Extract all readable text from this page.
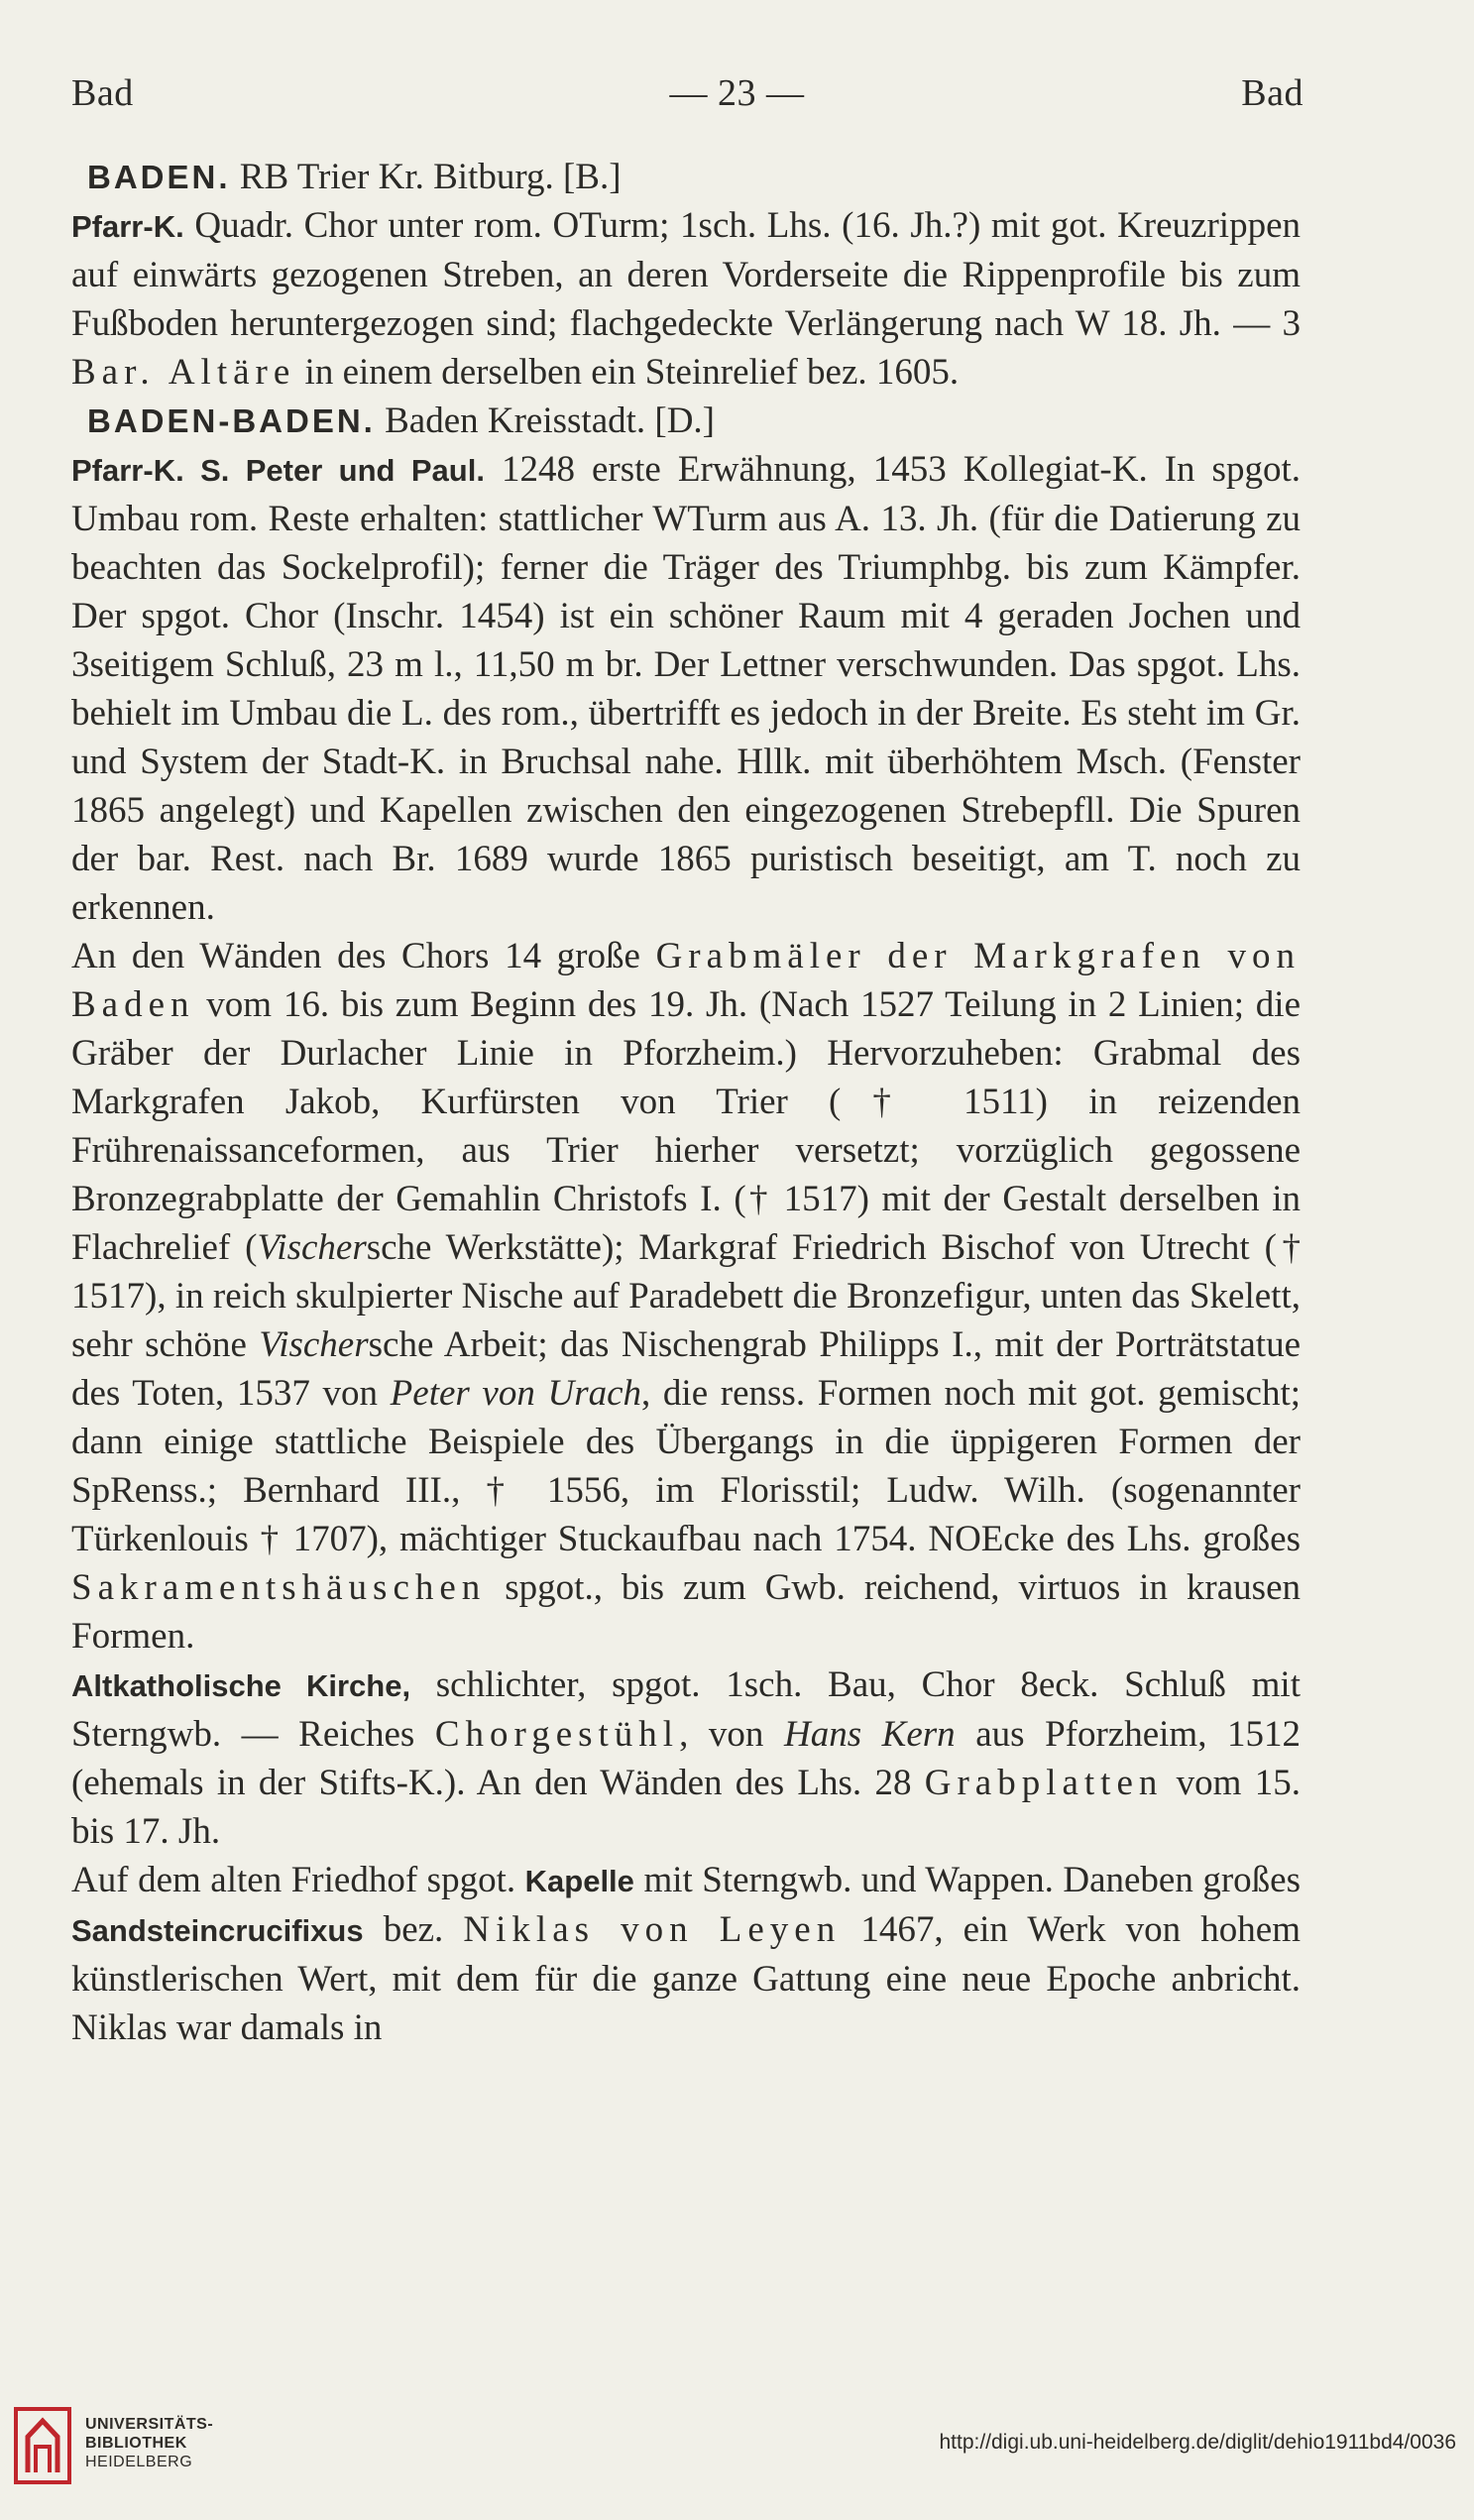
Bad	— 23 —	Bad

BADEN. RB Trier Kr. Bitburg. [B.]

Pfarr-K. Quadr. Chor unter rom. OTurm; 1sch. Lhs. (16. Jh.?) mit got. Kreuzrippen auf einwärts gezogenen Streben, an deren Vorderseite die Rippenprofile bis zum Fußboden heruntergezogen sind; flachgedeckte Verlängerung nach W 18. Jh. — 3 Bar. Altäre in einem derselben ein Steinrelief bez. 1605.

BADEN-BADEN. Baden Kreisstadt. [D.]

Pfarr-K. S. Peter und Paul. 1248 erste Erwähnung, 1453 Kollegiat-K. In spgot. Umbau rom. Reste erhalten: stattlicher WTurm aus A. 13. Jh. (für die Datierung zu beachten das Sockelprofil); ferner die Träger des Triumphbg. bis zum Kämpfer. Der spgot. Chor (Inschr. 1454) ist ein schöner Raum mit 4 geraden Jochen und 3seitigem Schluß, 23 m l., 11,50 m br. Der Lettner verschwunden. Das spgot. Lhs. behielt im Umbau die L. des rom., übertrifft es jedoch in der Breite. Es steht im Gr. und System der Stadt-K. in Bruchsal nahe. Hllk. mit überhöhtem Msch. (Fenster 1865 angelegt) und Kapellen zwischen den eingezogenen Strebepfll. Die Spuren der bar. Rest. nach Br. 1689 wurde 1865 puristisch beseitigt, am T. noch zu erkennen.

An den Wänden des Chors 14 große Grabmäler der Markgrafen von Baden vom 16. bis zum Beginn des 19. Jh. (Nach 1527 Teilung in 2 Linien; die Gräber der Durlacher Linie in Pforzheim.) Hervorzuheben: Grabmal des Markgrafen Jakob, Kurfürsten von Trier († 1511) in reizenden Frührenaissanceformen, aus Trier hierher versetzt; vorzüglich gegossene Bronzegrabplatte der Gemahlin Christofs I. († 1517) mit der Gestalt derselben in Flachrelief (Vischersche Werkstätte); Markgraf Friedrich Bischof von Utrecht († 1517), in reich skulpierter Nische auf Paradebett die Bronzefigur, unten das Skelett, sehr schöne Vischersche Arbeit; das Nischengrab Philipps I., mit der Porträtstatue des Toten, 1537 von Peter von Urach, die renss. Formen noch mit got. gemischt; dann einige stattliche Beispiele des Übergangs in die üppigeren Formen der SpRenss.; Bernhard III., † 1556, im Florisstil; Ludw. Wilh. (sogenannter Türkenlouis † 1707), mächtiger Stuckaufbau nach 1754. NOEcke des Lhs. großes Sakramentshäuschen spgot., bis zum Gwb. reichend, virtuos in krausen Formen.

Altkatholische Kirche, schlichter, spgot. 1sch. Bau, Chor 8eck. Schluß mit Sterngwb. — Reiches Chorgestühl, von Hans Kern aus Pforzheim, 1512 (ehemals in der Stifts-K.). An den Wänden des Lhs. 28 Grabplatten vom 15. bis 17. Jh.

Auf dem alten Friedhof spgot. Kapelle mit Sterngwb. und Wappen. Daneben großes Sandsteincrucifixus bez. Niklas von Leyen 1467, ein Werk von hohem künstlerischen Wert, mit dem für die ganze Gattung eine neue Epoche anbricht. Niklas war damals in

UNIVERSITÄTS-
BIBLIOTHEK
HEIDELBERG
http://digi.ub.uni-heidelberg.de/diglit/dehio1911bd4/0036
